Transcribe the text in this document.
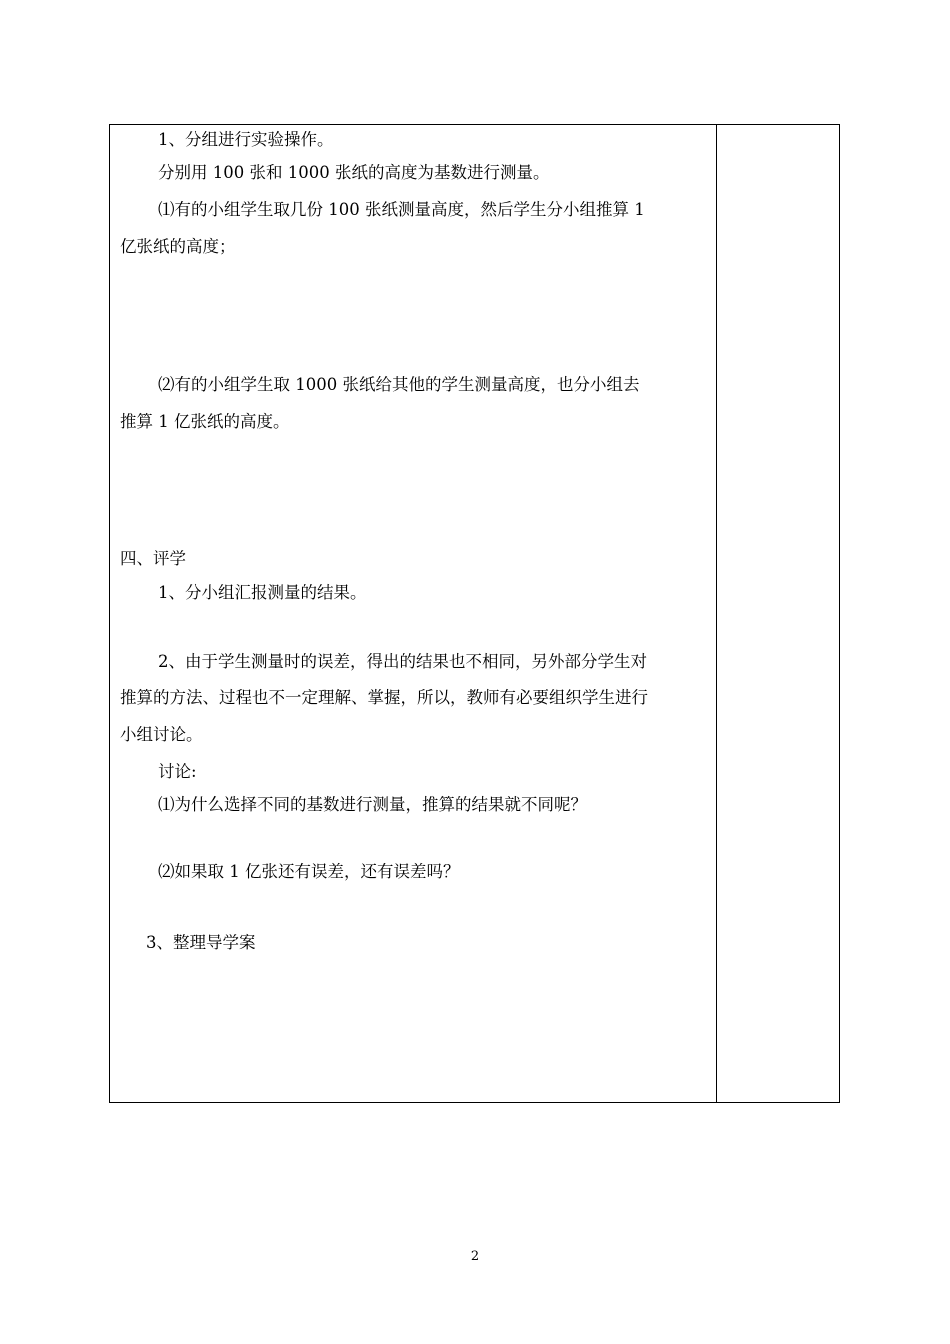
1、分组进行实验操作。
分别用 100 张和 1000 张纸的高度为基数进行测量。
⑴有的小组学生取几份 100 张纸测量高度，然后学生分小组推算 1
亿张纸的高度；
⑵有的小组学生取 1000 张纸给其他的学生测量高度，也分小组去
推算 1 亿张纸的高度。
四、评学
1、分小组汇报测量的结果。
2、由于学生测量时的误差，得出的结果也不相同，另外部分学生对
推算的方法、过程也不一定理解、掌握，所以，教师有必要组织学生进行
小组讨论。
讨论:
⑴为什么选择不同的基数进行测量，推算的结果就不同呢？
⑵如果取 1 亿张还有误差，还有误差吗？
3、整理导学案
2
